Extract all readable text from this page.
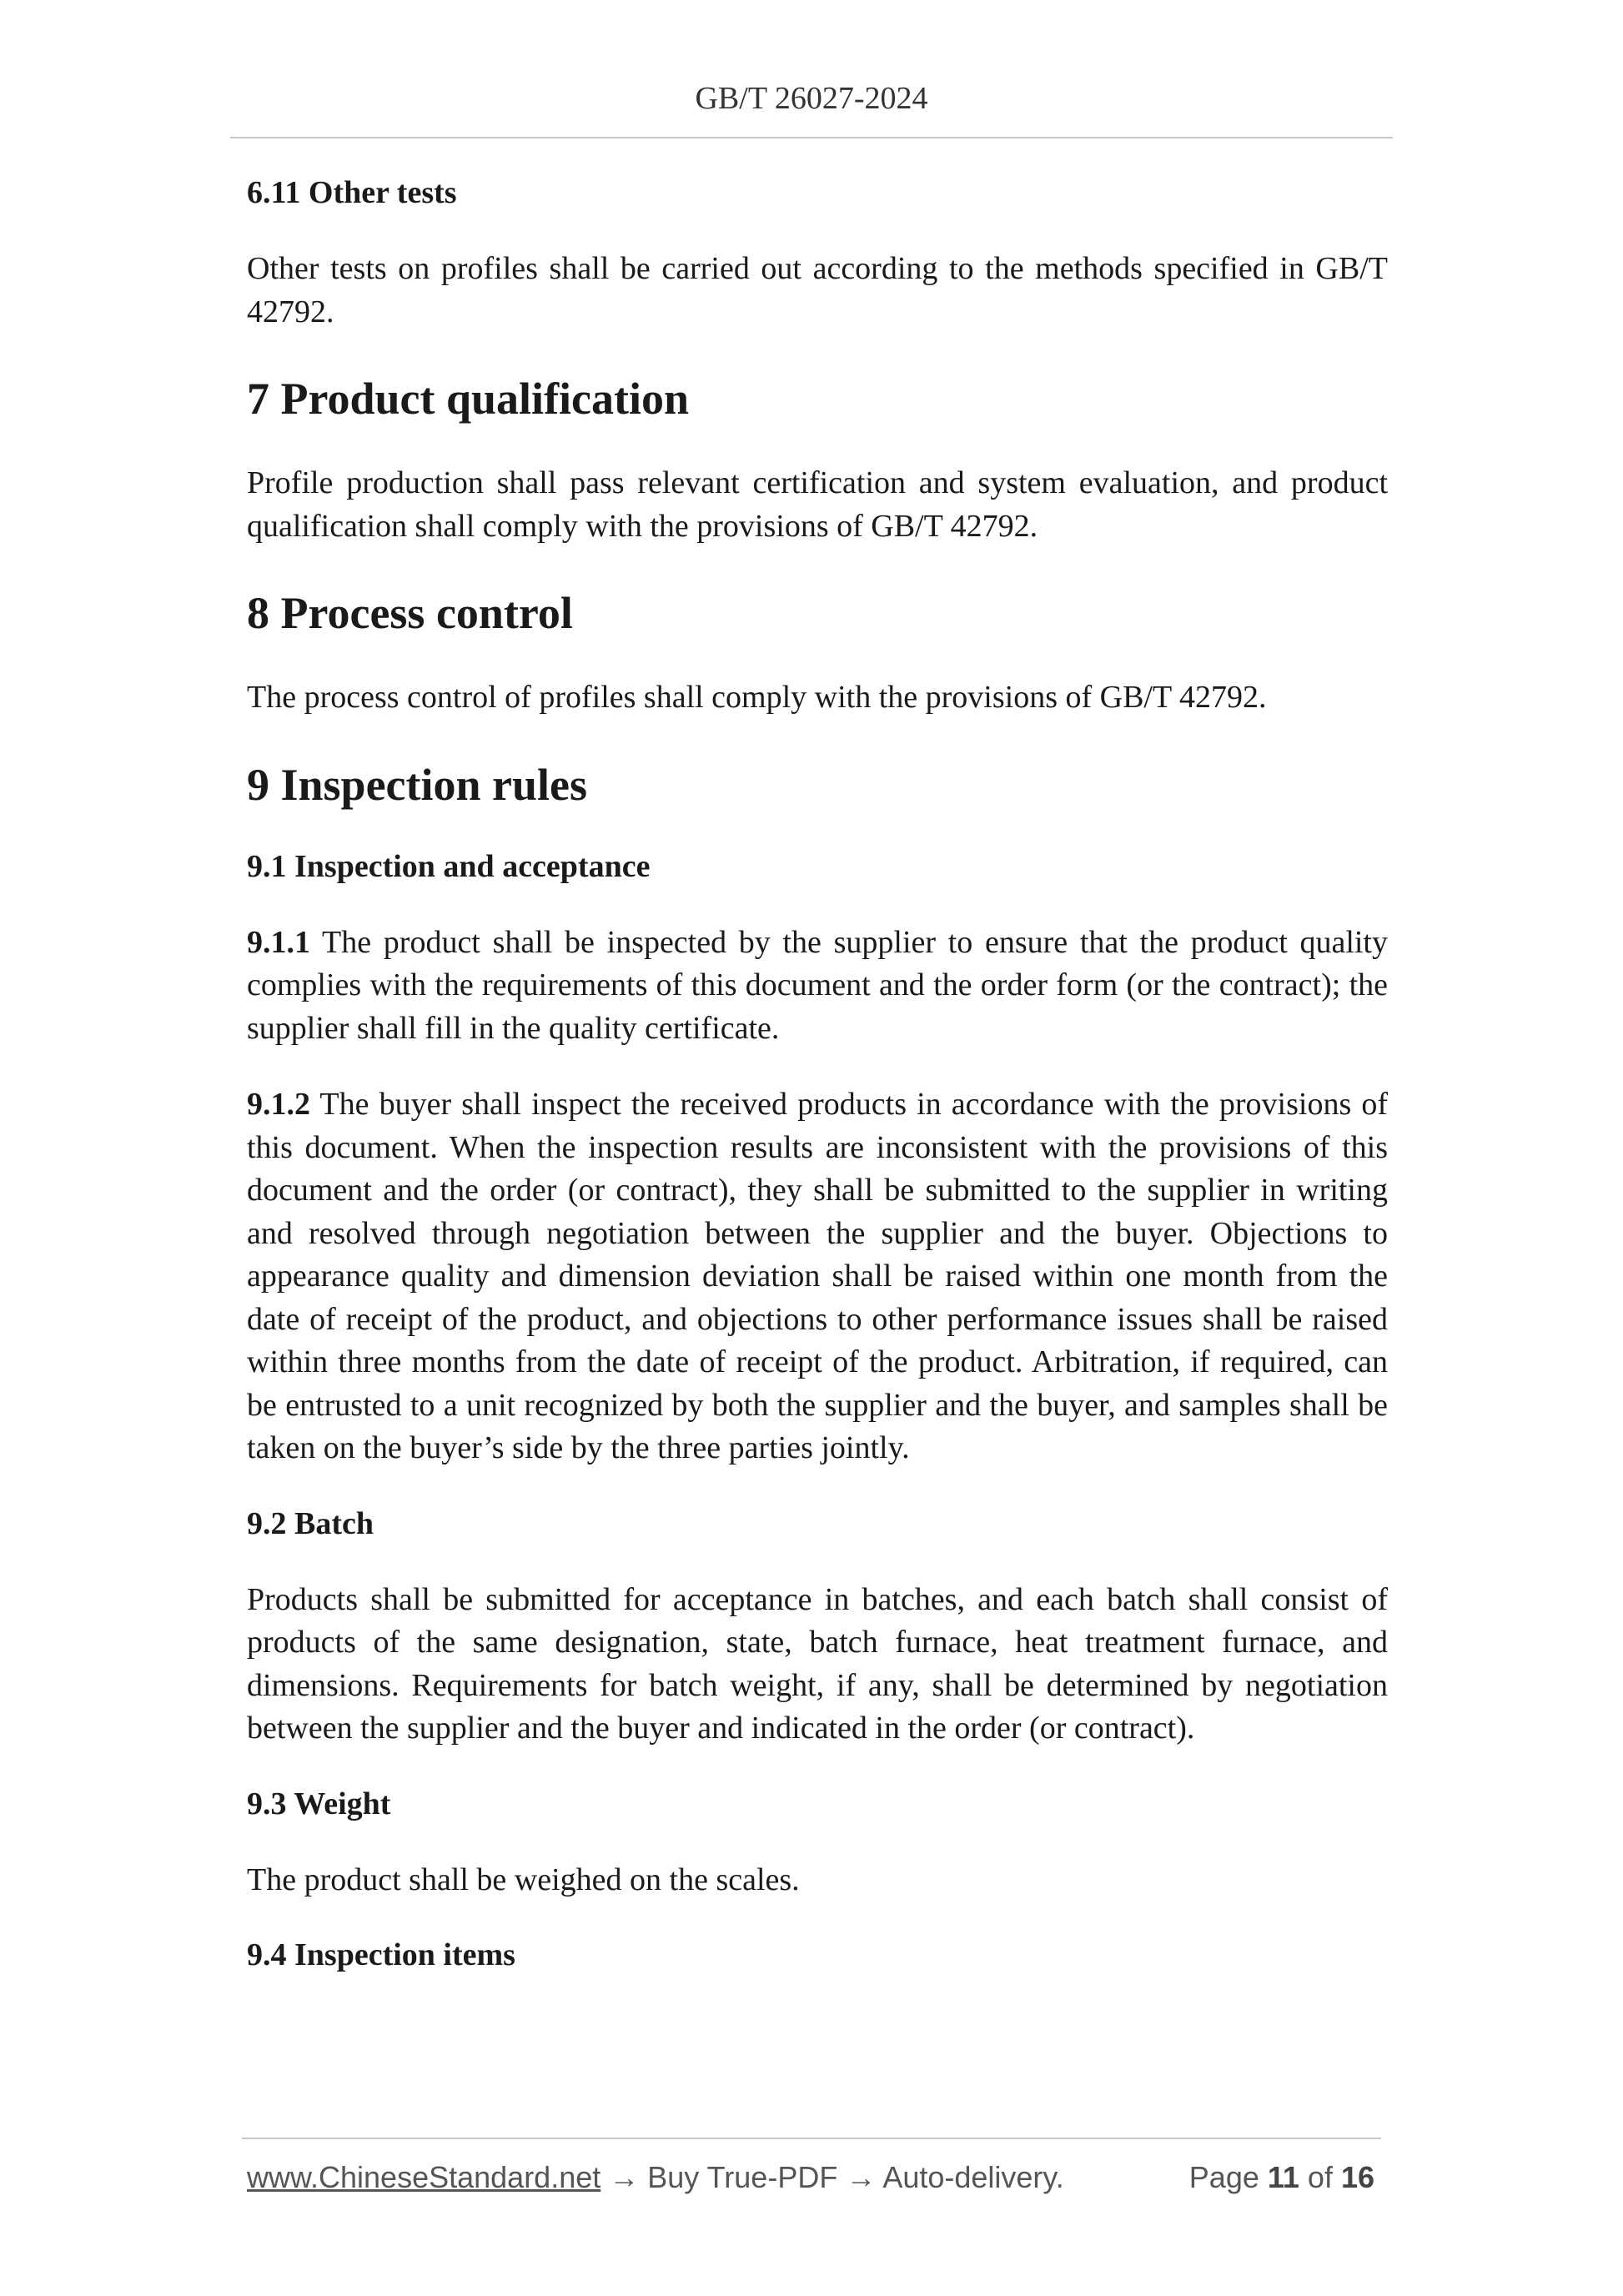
GB/T 26027-2024
6.11 Other tests

Other tests on profiles shall be carried out according to the methods specified in GB/T 42792.

7 Product qualification

Profile production shall pass relevant certification and system evaluation, and product qualification shall comply with the provisions of GB/T 42792.

8 Process control

The process control of profiles shall comply with the provisions of GB/T 42792.

9 Inspection rules
9.1 Inspection and acceptance

9.1.1 The product shall be inspected by the supplier to ensure that the product quality complies with the requirements of this document and the order form (or the contract); the supplier shall fill in the quality certificate.

9.1.2 The buyer shall inspect the received products in accordance with the provisions of this document. When the inspection results are inconsistent with the provisions of this document and the order (or contract), they shall be submitted to the supplier in writing and resolved through negotiation between the supplier and the buyer. Objections to appearance quality and dimension deviation shall be raised within one month from the date of receipt of the product, and objections to other performance issues shall be raised within three months from the date of receipt of the product. Arbitration, if required, can be entrusted to a unit recognized by both the supplier and the buyer, and samples shall be taken on the buyer’s side by the three parties jointly.

9.2 Batch

Products shall be submitted for acceptance in batches, and each batch shall consist of products of the same designation, state, batch furnace, heat treatment furnace, and dimensions. Requirements for batch weight, if any, shall be determined by negotiation between the supplier and the buyer and indicated in the order (or contract).

9.3 Weight

The product shall be weighed on the scales.

9.4 Inspection items
www.ChineseStandard.net → Buy True-PDF → Auto-delivery.	Page 11 of 16
